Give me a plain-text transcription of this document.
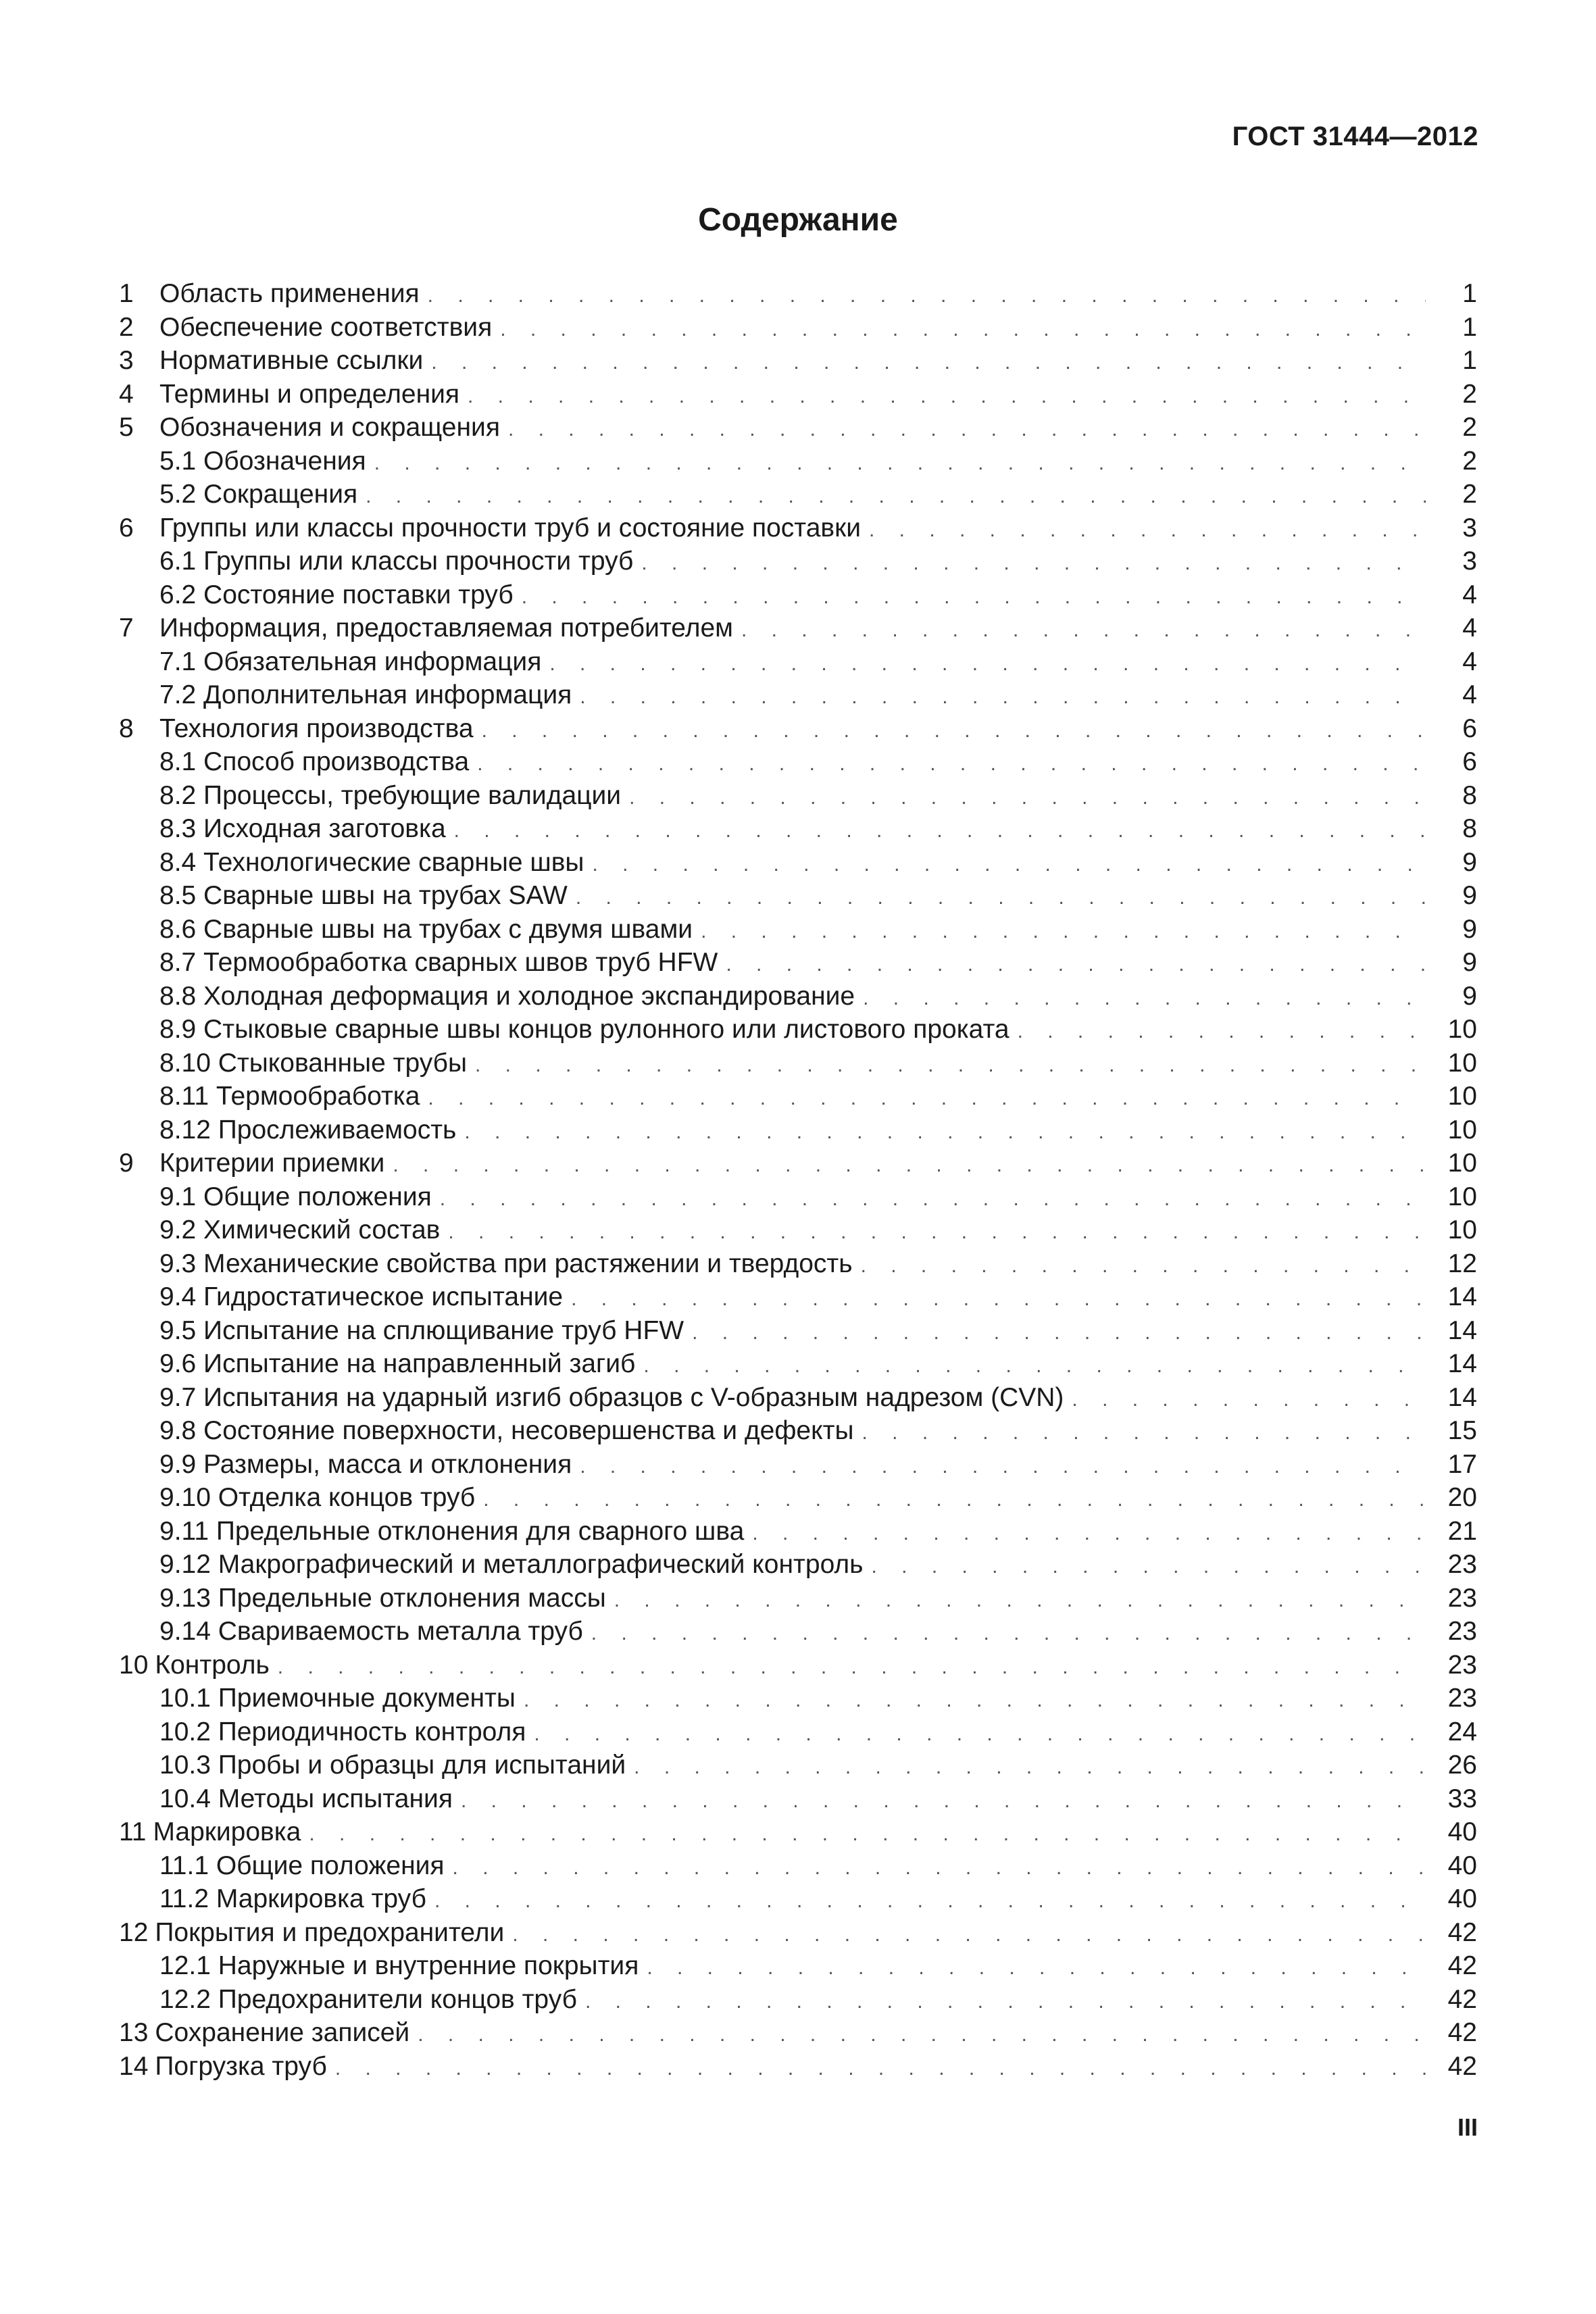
ГОСТ 31444—2012
Содержание
1 Область применения . . .	1
2 Обеспечение соответствия . . .	1
3 Нормативные ссылки . . .	1
4 Термины и определения . . .	2
5 Обозначения и сокращения . . .	2
5.1 Обозначения . . .	2
5.2 Сокращения . . .	2
6 Группы или классы прочности труб и состояние поставки . . .	3
6.1 Группы или классы прочности труб . . .	3
6.2 Состояние поставки труб . . .	4
7 Информация, предоставляемая потребителем . . .	4
7.1 Обязательная информация . . .	4
7.2 Дополнительная информация . . .	4
8 Технология производства . . .	6
8.1 Способ производства . . .	6
8.2 Процессы, требующие валидации . . .	8
8.3 Исходная заготовка . . .	8
8.4 Технологические сварные швы . . .	9
8.5 Сварные швы на трубах SAW . . .	9
8.6 Сварные швы на трубах с двумя швами . . .	9
8.7 Термообработка сварных швов труб HFW . . .	9
8.8 Холодная деформация и холодное экспандирование . . .	9
8.9 Стыковые сварные швы концов рулонного или листового проката . . .	10
8.10 Стыкованные трубы . . .	10
8.11 Термообработка . . .	10
8.12 Прослеживаемость . . .	10
9 Критерии приемки . . .	10
9.1 Общие положения . . .	10
9.2 Химический состав . . .	10
9.3 Механические свойства при растяжении и твердость . . .	12
9.4 Гидростатическое испытание . . .	14
9.5 Испытание на сплющивание труб HFW . . .	14
9.6 Испытание на направленный загиб . . .	14
9.7 Испытания на ударный изгиб образцов с V-образным надрезом (CVN) . . .	14
9.8 Состояние поверхности, несовершенства и дефекты . . .	15
9.9 Размеры, масса и отклонения . . .	17
9.10 Отделка концов труб . . .	20
9.11 Предельные отклонения для сварного шва . . .	21
9.12 Макрографический и металлографический контроль . . .	23
9.13 Предельные отклонения массы . . .	23
9.14 Свариваемость металла труб . . .	23
10 Контроль . . .	23
10.1 Приемочные документы . . .	23
10.2 Периодичность контроля . . .	24
10.3 Пробы и образцы для испытаний . . .	26
10.4 Методы испытания . . .	33
11 Маркировка . . .	40
11.1 Общие положения . . .	40
11.2 Маркировка труб . . .	40
12 Покрытия и предохранители . . .	42
12.1 Наружные и внутренние покрытия . . .	42
12.2 Предохранители концов труб . . .	42
13 Сохранение записей . . .	42
14 Погрузка труб . . .	42
III
